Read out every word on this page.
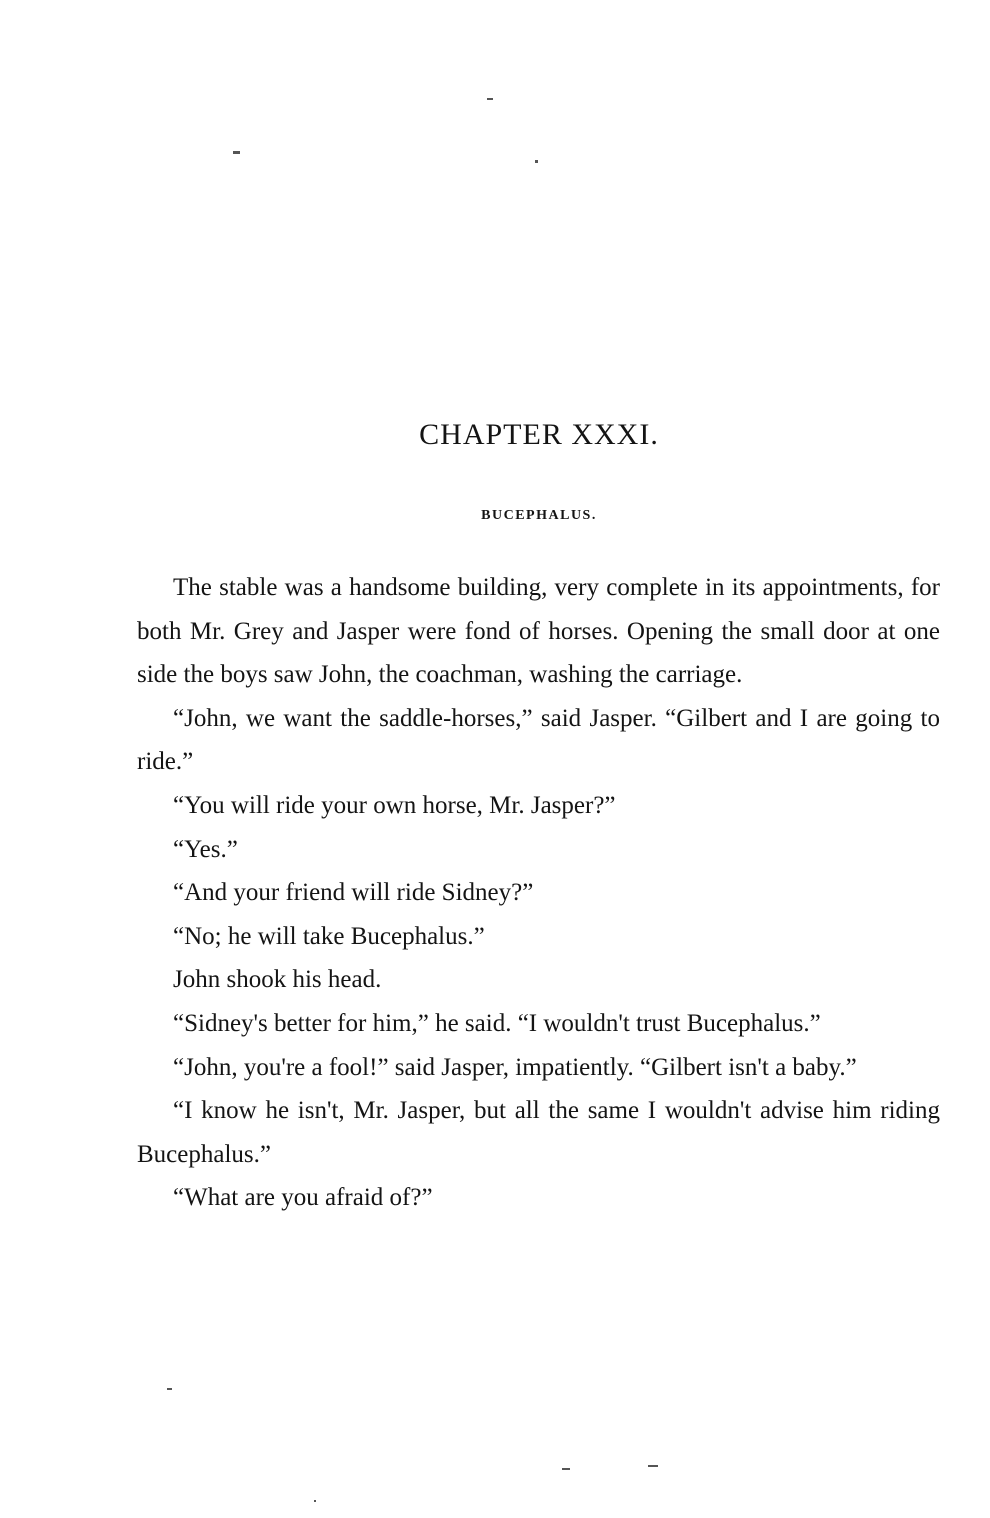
CHAPTER XXXI.
BUCEPHALUS.

The stable was a handsome building, very complete in its appointments, for both Mr. Grey and Jasper were fond of horses. Opening the small door at one side the boys saw John, the coachman, washing the carriage.

“John, we want the saddle-horses,” said Jasper. “Gilbert and I are going to ride.”

“You will ride your own horse, Mr. Jasper?”

“Yes.”

“And your friend will ride Sidney?”

“No; he will take Bucephalus.”

John shook his head.

“Sidney's better for him,” he said. “I wouldn't trust Bucephalus.”

“John, you're a fool!” said Jasper, impatiently. “Gilbert isn't a baby.”

“I know he isn't, Mr. Jasper, but all the same I wouldn't advise him riding Bucephalus.”

“What are you afraid of?”
